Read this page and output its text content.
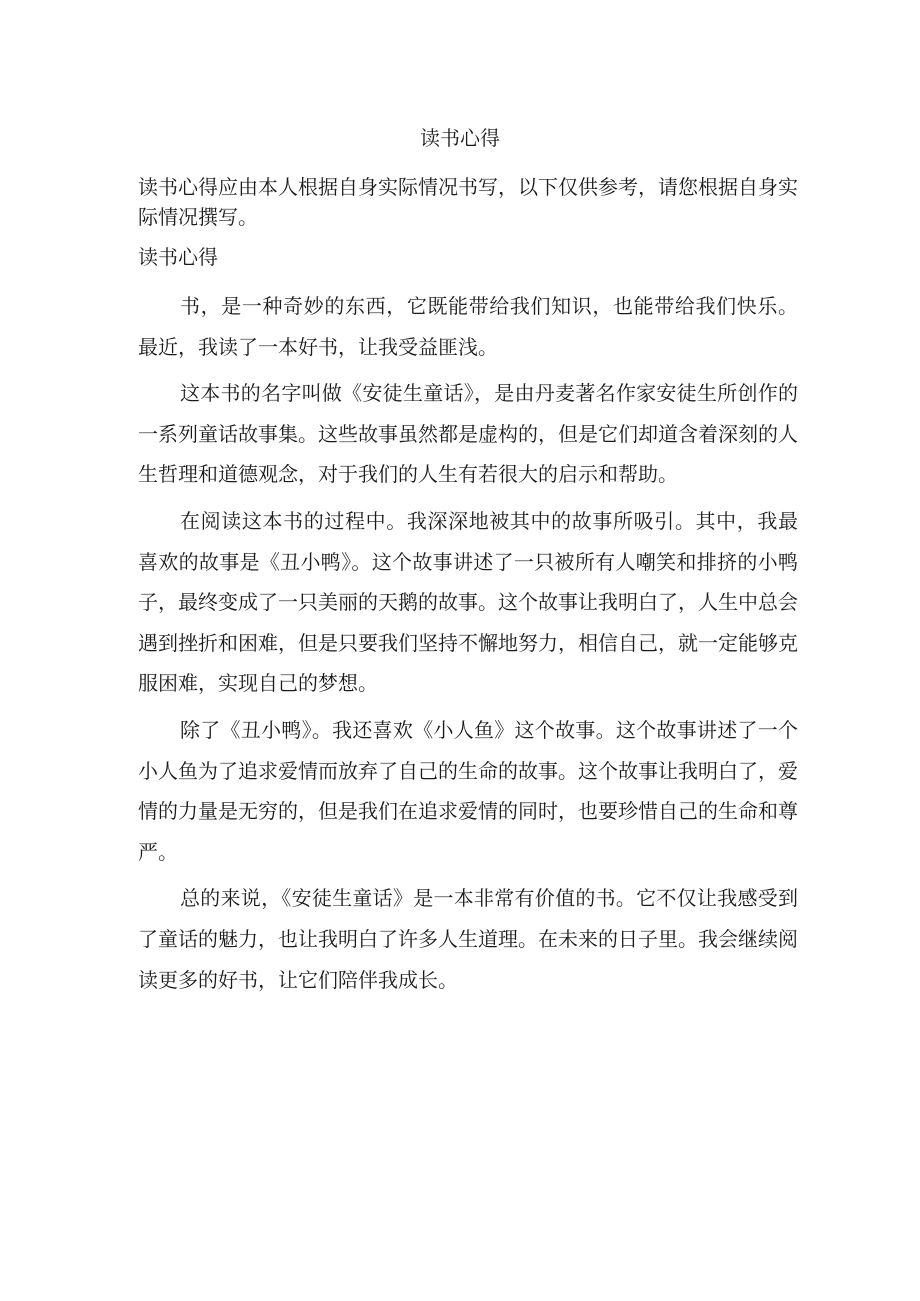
读书心得

读书心得应由本人根据自身实际情况书写，以下仅供参考，请您根据自身实际情况撰写。

读书心得

书，是一种奇妙的东西，它既能带给我们知识，也能带给我们快乐。最近，我读了一本好书，让我受益匪浅。

这本书的名字叫做《安徒生童话》，是由丹麦著名作家安徒生所创作的一系列童话故事集。这些故事虽然都是虚构的，但是它们却道含着深刻的人生哲理和道德观念，对于我们的人生有若很大的启示和帮助。

在阅读这本书的过程中。我深深地被其中的故事所吸引。其中，我最喜欢的故事是《丑小鸭》。这个故事讲述了一只被所有人嘲笑和排挤的小鸭子，最终变成了一只美丽的天鹅的故事。这个故事让我明白了，人生中总会遇到挫折和困难，但是只要我们坚持不懈地努力，相信自己，就一定能够克服困难，实现自己的梦想。

除了《丑小鸭》。我还喜欢《小人鱼》这个故事。这个故事讲述了一个小人鱼为了追求爱情而放弃了自己的生命的故事。这个故事让我明白了，爱情的力量是无穷的，但是我们在追求爱情的同时，也要珍惜自己的生命和尊严。

总的来说，《安徒生童话》是一本非常有价值的书。它不仅让我感受到了童话的魅力，也让我明白了许多人生道理。在未来的日子里。我会继续阅读更多的好书，让它们陪伴我成长。
